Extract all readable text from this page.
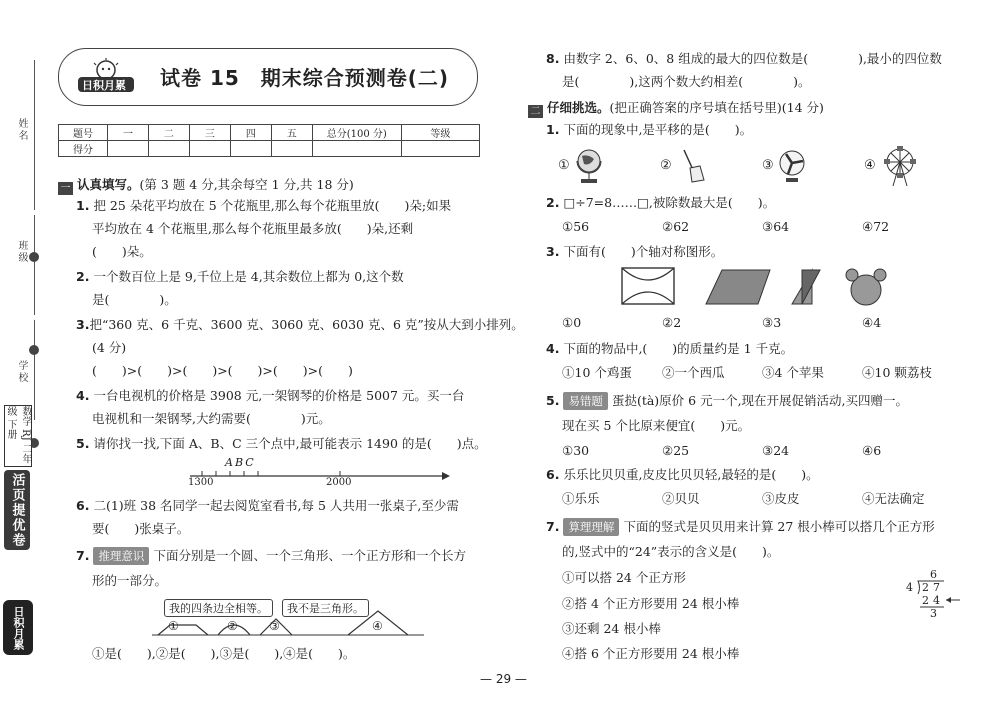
姓名
班级
学校
活页提优卷
数学 RJ 二年级 下册
日积月累
日积月累 试卷 15　期末综合预测卷(二)
题号	一	二	三	四	五	总分(100 分)	等级
得分							
一 认真填写。(第 3 题 4 分,其余每空 1 分,共 18 分)
1. 把 25 朵花平均放在 5 个花瓶里,那么每个花瓶里放(　　)朵;如果
平均放在 4 个花瓶里,那么每个花瓶里最多放(　　)朵,还剩
(　　)朵。
2. 一个数百位上是 9,千位上是 4,其余数位上都为 0,这个数
是(　　　　)。
3.把“360 克、6 千克、3600 克、3060 克、6030 克、6 克”按从大到小排列。
(4 分)
(　　)>(　　)>(　　)>(　　)>(　　)>(　　)
4. 一台电视机的价格是 3908 元,一架钢琴的价格是 5007 元。买一台
电视机和一架钢琴,大约需要(　　　　)元。
5. 请你找一找,下面 A、B、C 三个点中,最可能表示 1490 的是(　　)点。
ABC
1300	2000
6. 二(1)班 38 名同学一起去阅览室看书,每 5 人共用一张桌子,至少需
要(　　)张桌子。
7. 推理意识 下面分别是一个圆、一个三角形、一个正方形和一个长方
形的一部分。
①	②	③	④
我的四条边全相等。	我不是三角形。
①是(　　),②是(　　),③是(　　),④是(　　)。
8. 由数字 2、6、0、8 组成的最大的四位数是(　　　　),最小的四位数
是(　　　　),这两个数大约相差(　　　　)。
二 仔细挑选。(把正确答案的序号填在括号里)(14 分)
1. 下面的现象中,是平移的是(　　)。
①	②	③	④
2. □÷7=8……□,被除数最大是(　　)。
①56	②62	③64	④72
3. 下面有(　　)个轴对称图形。
①0	②2	③3	④4
4. 下面的物品中,(　　)的质量约是 1 千克。
①10 个鸡蛋 ②一个西瓜	③4 个苹果	④10 颗荔枝
5. 易错题 蛋挞(tà)原价 6 元一个,现在开展促销活动,买四赠一。
现在买 5 个比原来便宜(　　)元。
①30	②25	③24	④6
6. 乐乐比贝贝重,皮皮比贝贝轻,最轻的是(　　)。
①乐乐	②贝贝	③皮皮	④无法确定
7. 算理理解 下面的竖式是贝贝用来计算 27 根小棒可以搭几个正方形
的,竖式中的“24”表示的含义是(　　)。
①可以搭 24 个正方形
②搭 4 个正方形要用 24 根小棒
③还剩 24 根小棒
④搭 6 个正方形要用 24 根小棒
6
4 27
24
3
— 29 —
